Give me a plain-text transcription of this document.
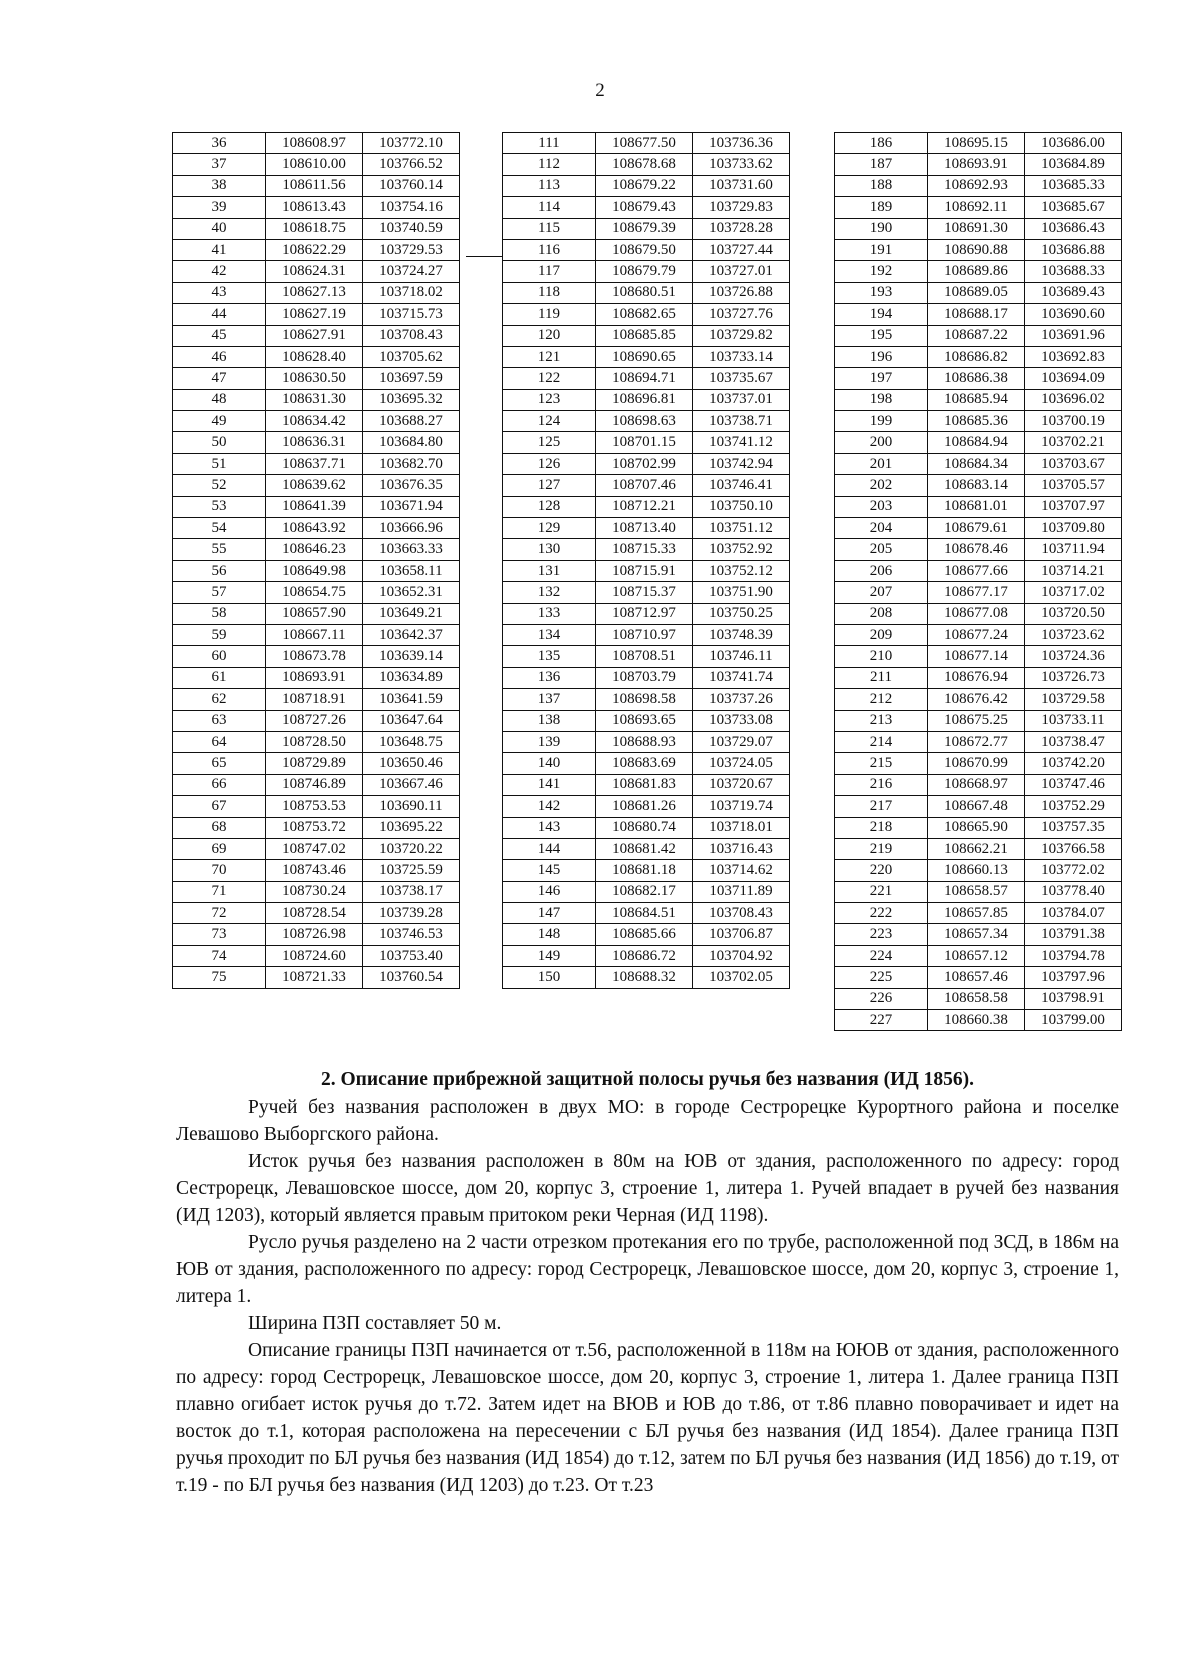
2
36	108608.97	103772.10
37	108610.00	103766.52
38	108611.56	103760.14
39	108613.43	103754.16
40	108618.75	103740.59
41	108622.29	103729.53
42	108624.31	103724.27
43	108627.13	103718.02
44	108627.19	103715.73
45	108627.91	103708.43
46	108628.40	103705.62
47	108630.50	103697.59
48	108631.30	103695.32
49	108634.42	103688.27
50	108636.31	103684.80
51	108637.71	103682.70
52	108639.62	103676.35
53	108641.39	103671.94
54	108643.92	103666.96
55	108646.23	103663.33
56	108649.98	103658.11
57	108654.75	103652.31
58	108657.90	103649.21
59	108667.11	103642.37
60	108673.78	103639.14
61	108693.91	103634.89
62	108718.91	103641.59
63	108727.26	103647.64
64	108728.50	103648.75
65	108729.89	103650.46
66	108746.89	103667.46
67	108753.53	103690.11
68	108753.72	103695.22
69	108747.02	103720.22
70	108743.46	103725.59
71	108730.24	103738.17
72	108728.54	103739.28
73	108726.98	103746.53
74	108724.60	103753.40
75	108721.33	103760.54
111	108677.50	103736.36
112	108678.68	103733.62
113	108679.22	103731.60
114	108679.43	103729.83
115	108679.39	103728.28
116	108679.50	103727.44
117	108679.79	103727.01
118	108680.51	103726.88
119	108682.65	103727.76
120	108685.85	103729.82
121	108690.65	103733.14
122	108694.71	103735.67
123	108696.81	103737.01
124	108698.63	103738.71
125	108701.15	103741.12
126	108702.99	103742.94
127	108707.46	103746.41
128	108712.21	103750.10
129	108713.40	103751.12
130	108715.33	103752.92
131	108715.91	103752.12
132	108715.37	103751.90
133	108712.97	103750.25
134	108710.97	103748.39
135	108708.51	103746.11
136	108703.79	103741.74
137	108698.58	103737.26
138	108693.65	103733.08
139	108688.93	103729.07
140	108683.69	103724.05
141	108681.83	103720.67
142	108681.26	103719.74
143	108680.74	103718.01
144	108681.42	103716.43
145	108681.18	103714.62
146	108682.17	103711.89
147	108684.51	103708.43
148	108685.66	103706.87
149	108686.72	103704.92
150	108688.32	103702.05
186	108695.15	103686.00
187	108693.91	103684.89
188	108692.93	103685.33
189	108692.11	103685.67
190	108691.30	103686.43
191	108690.88	103686.88
192	108689.86	103688.33
193	108689.05	103689.43
194	108688.17	103690.60
195	108687.22	103691.96
196	108686.82	103692.83
197	108686.38	103694.09
198	108685.94	103696.02
199	108685.36	103700.19
200	108684.94	103702.21
201	108684.34	103703.67
202	108683.14	103705.57
203	108681.01	103707.97
204	108679.61	103709.80
205	108678.46	103711.94
206	108677.66	103714.21
207	108677.17	103717.02
208	108677.08	103720.50
209	108677.24	103723.62
210	108677.14	103724.36
211	108676.94	103726.73
212	108676.42	103729.58
213	108675.25	103733.11
214	108672.77	103738.47
215	108670.99	103742.20
216	108668.97	103747.46
217	108667.48	103752.29
218	108665.90	103757.35
219	108662.21	103766.58
220	108660.13	103772.02
221	108658.57	103778.40
222	108657.85	103784.07
223	108657.34	103791.38
224	108657.12	103794.78
225	108657.46	103797.96
226	108658.58	103798.91
227	108660.38	103799.00
2. Описание прибрежной защитной полосы ручья без названия (ИД 1856).

Ручей без названия расположен в двух МО: в городе Сестрорецке Курортного района и поселке Левашово Выборгского района.

Исток ручья без названия расположен в 80м на ЮВ от здания, расположенного по адресу: город Сестрорецк, Левашовское шоссе, дом 20, корпус 3, строение 1, литера 1. Ручей впадает в ручей без названия (ИД 1203), который является правым притоком реки Черная (ИД 1198).

Русло ручья разделено на 2 части отрезком протекания его по трубе, расположенной под ЗСД, в 186м на ЮВ от здания, расположенного по адресу: город Сестрорецк, Левашовское шоссе, дом 20, корпус 3, строение 1, литера 1.

Ширина ПЗП составляет 50 м.

Описание границы ПЗП начинается от т.56, расположенной в 118м на ЮЮВ от здания, расположенного по адресу: город Сестрорецк, Левашовское шоссе, дом 20, корпус 3, строение 1, литера 1. Далее граница ПЗП плавно огибает исток ручья до т.72. Затем идет на ВЮВ и ЮВ до т.86, от т.86 плавно поворачивает и идет на восток до т.1, которая расположена на пересечении с БЛ ручья без названия (ИД 1854). Далее граница ПЗП ручья проходит по БЛ ручья без названия (ИД 1854) до т.12, затем по БЛ ручья без названия (ИД 1856) до т.19, от т.19 - по БЛ ручья без названия (ИД 1203) до т.23. От т.23
